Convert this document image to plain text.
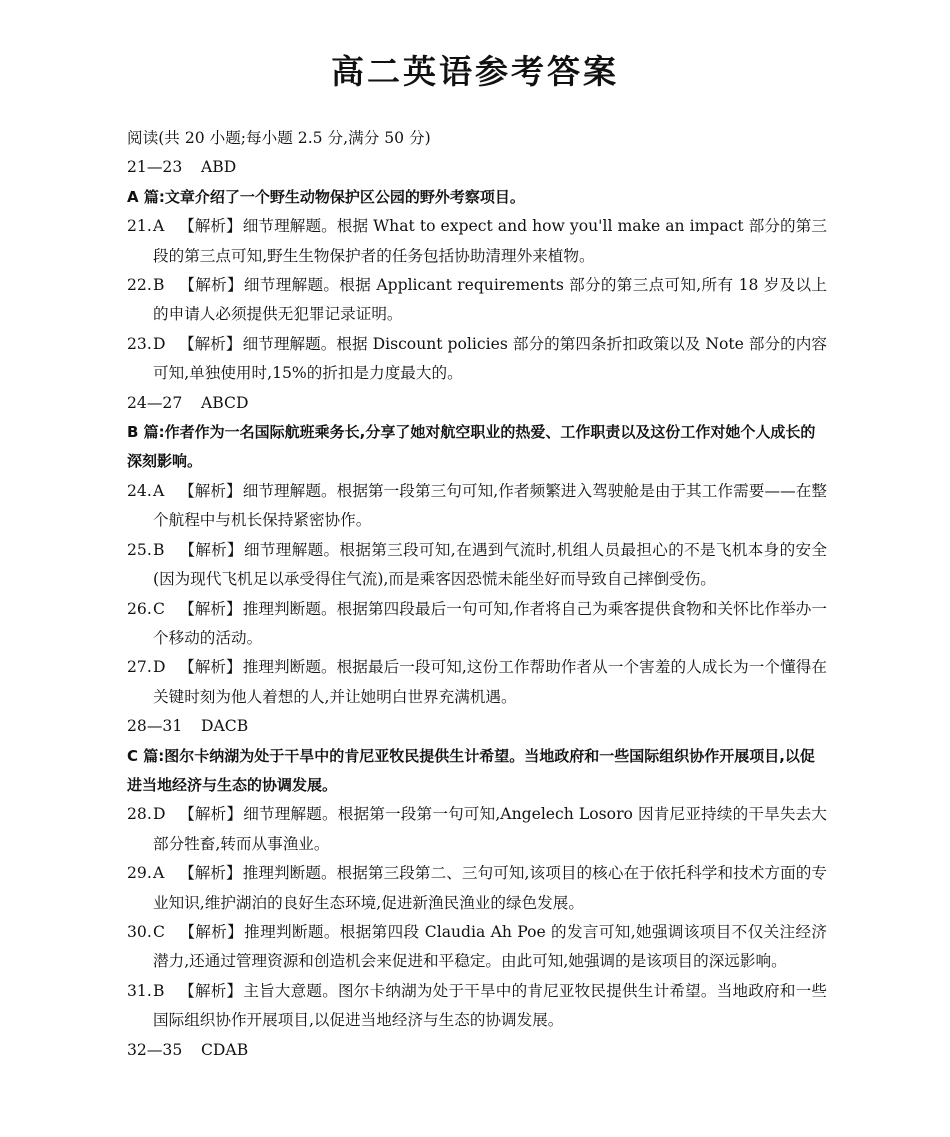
高二英语参考答案
阅读(共 20 小题;每小题 2.5 分,满分 50 分)
21—23 ABD
A 篇:文章介绍了一个野生动物保护区公园的野外考察项目。
21.A 【解析】细节理解题。根据 What to expect and how you'll make an impact 部分的第三段的第三点可知,野生生物保护者的任务包括协助清理外来植物。
22.B 【解析】细节理解题。根据 Applicant requirements 部分的第三点可知,所有 18 岁及以上的申请人必须提供无犯罪记录证明。
23.D 【解析】细节理解题。根据 Discount policies 部分的第四条折扣政策以及 Note 部分的内容可知,单独使用时,15%的折扣是力度最大的。
24—27 ABCD
B 篇:作者作为一名国际航班乘务长,分享了她对航空职业的热爱、工作职责以及这份工作对她个人成长的深刻影响。
24.A 【解析】细节理解题。根据第一段第三句可知,作者频繁进入驾驶舱是由于其工作需要——在整个航程中与机长保持紧密协作。
25.B 【解析】细节理解题。根据第三段可知,在遇到气流时,机组人员最担心的不是飞机本身的安全(因为现代飞机足以承受得住气流),而是乘客因恐慌未能坐好而导致自己摔倒受伤。
26.C 【解析】推理判断题。根据第四段最后一句可知,作者将自己为乘客提供食物和关怀比作举办一个移动的活动。
27.D 【解析】推理判断题。根据最后一段可知,这份工作帮助作者从一个害羞的人成长为一个懂得在关键时刻为他人着想的人,并让她明白世界充满机遇。
28—31 DACB
C 篇:图尔卡纳湖为处于干旱中的肯尼亚牧民提供生计希望。当地政府和一些国际组织协作开展项目,以促进当地经济与生态的协调发展。
28.D 【解析】细节理解题。根据第一段第一句可知,Angelech Losoro 因肯尼亚持续的干旱失去大部分牲畜,转而从事渔业。
29.A 【解析】推理判断题。根据第三段第二、三句可知,该项目的核心在于依托科学和技术方面的专业知识,维护湖泊的良好生态环境,促进新渔民渔业的绿色发展。
30.C 【解析】推理判断题。根据第四段 Claudia Ah Poe 的发言可知,她强调该项目不仅关注经济潜力,还通过管理资源和创造机会来促进和平稳定。由此可知,她强调的是该项目的深远影响。
31.B 【解析】主旨大意题。图尔卡纳湖为处于干旱中的肯尼亚牧民提供生计希望。当地政府和一些国际组织协作开展项目,以促进当地经济与生态的协调发展。
32—35 CDAB
